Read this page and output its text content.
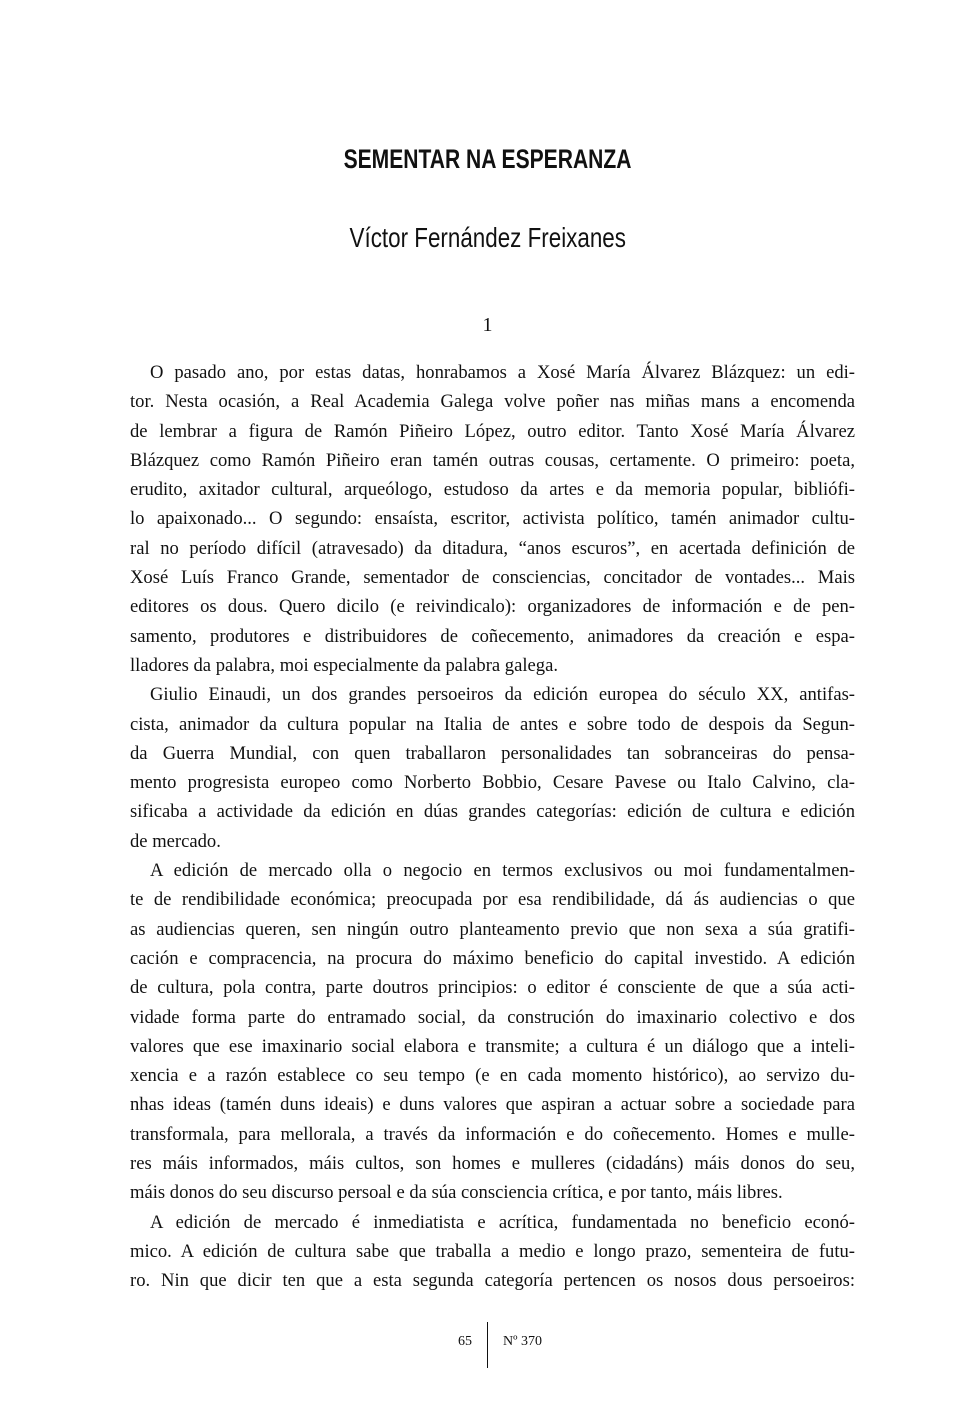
SEMENTAR NA ESPERANZA
Víctor Fernández Freixanes
1
O pasado ano, por estas datas, honrabamos a Xosé María Álvarez Blázquez: un edi-
tor. Nesta ocasión, a Real Academia Galega volve poñer nas miñas mans a encomenda
de lembrar a figura de Ramón Piñeiro López, outro editor. Tanto Xosé María Álvarez
Blázquez como Ramón Piñeiro eran tamén outras cousas, certamente. O primeiro: poeta,
erudito, axitador cultural, arqueólogo, estudoso da artes e da memoria popular, bibliófi-
lo apaixonado... O segundo: ensaísta, escritor, activista político, tamén animador cultu-
ral no período difícil (atravesado) da ditadura, “anos escuros”, en acertada definición de
Xosé Luís Franco Grande, sementador de consciencias, concitador de vontades... Mais
editores os dous. Quero dicilo (e reivindicalo): organizadores de información e de pen-
samento, produtores e distribuidores de coñecemento, animadores da creación e espa-
lladores da palabra, moi especialmente da palabra galega.
Giulio Einaudi, un dos grandes persoeiros da edición europea do século XX, antifas-
cista, animador da cultura popular na Italia de antes e sobre todo de despois da Segun-
da Guerra Mundial, con quen traballaron personalidades tan sobranceiras do pensa-
mento progresista europeo como Norberto Bobbio, Cesare Pavese ou Italo Calvino, cla-
sificaba a actividade da edición en dúas grandes categorías: edición de cultura e edición
de mercado.
A edición de mercado olla o negocio en termos exclusivos ou moi fundamentalmen-
te de rendibilidade económica; preocupada por esa rendibilidade, dá ás audiencias o que
as audiencias queren, sen ningún outro planteamento previo que non sexa a súa gratifi-
cación e compracencia, na procura do máximo beneficio do capital investido. A edición
de cultura, pola contra, parte doutros principios: o editor é consciente de que a súa acti-
vidade forma parte do entramado social, da construción do imaxinario colectivo e dos
valores que ese imaxinario social elabora e transmite; a cultura é un diálogo que a inteli-
xencia e a razón establece co seu tempo (e en cada momento histórico), ao servizo du-
nhas ideas (tamén duns ideais) e duns valores que aspiran a actuar sobre a sociedade para
transformala, para mellorala, a través da información e do coñecemento. Homes e mulle-
res máis informados, máis cultos, son homes e mulleres (cidadáns) máis donos do seu,
máis donos do seu discurso persoal e da súa consciencia crítica, e por tanto, máis libres.
A edición de mercado é inmediatista e acrítica, fundamentada no beneficio econó-
mico. A edición de cultura sabe que traballa a medio e longo prazo, sementeira de futu-
ro. Nin que dicir ten que a esta segunda categoría pertencen os nosos dous persoeiros:
65 Nº 370
